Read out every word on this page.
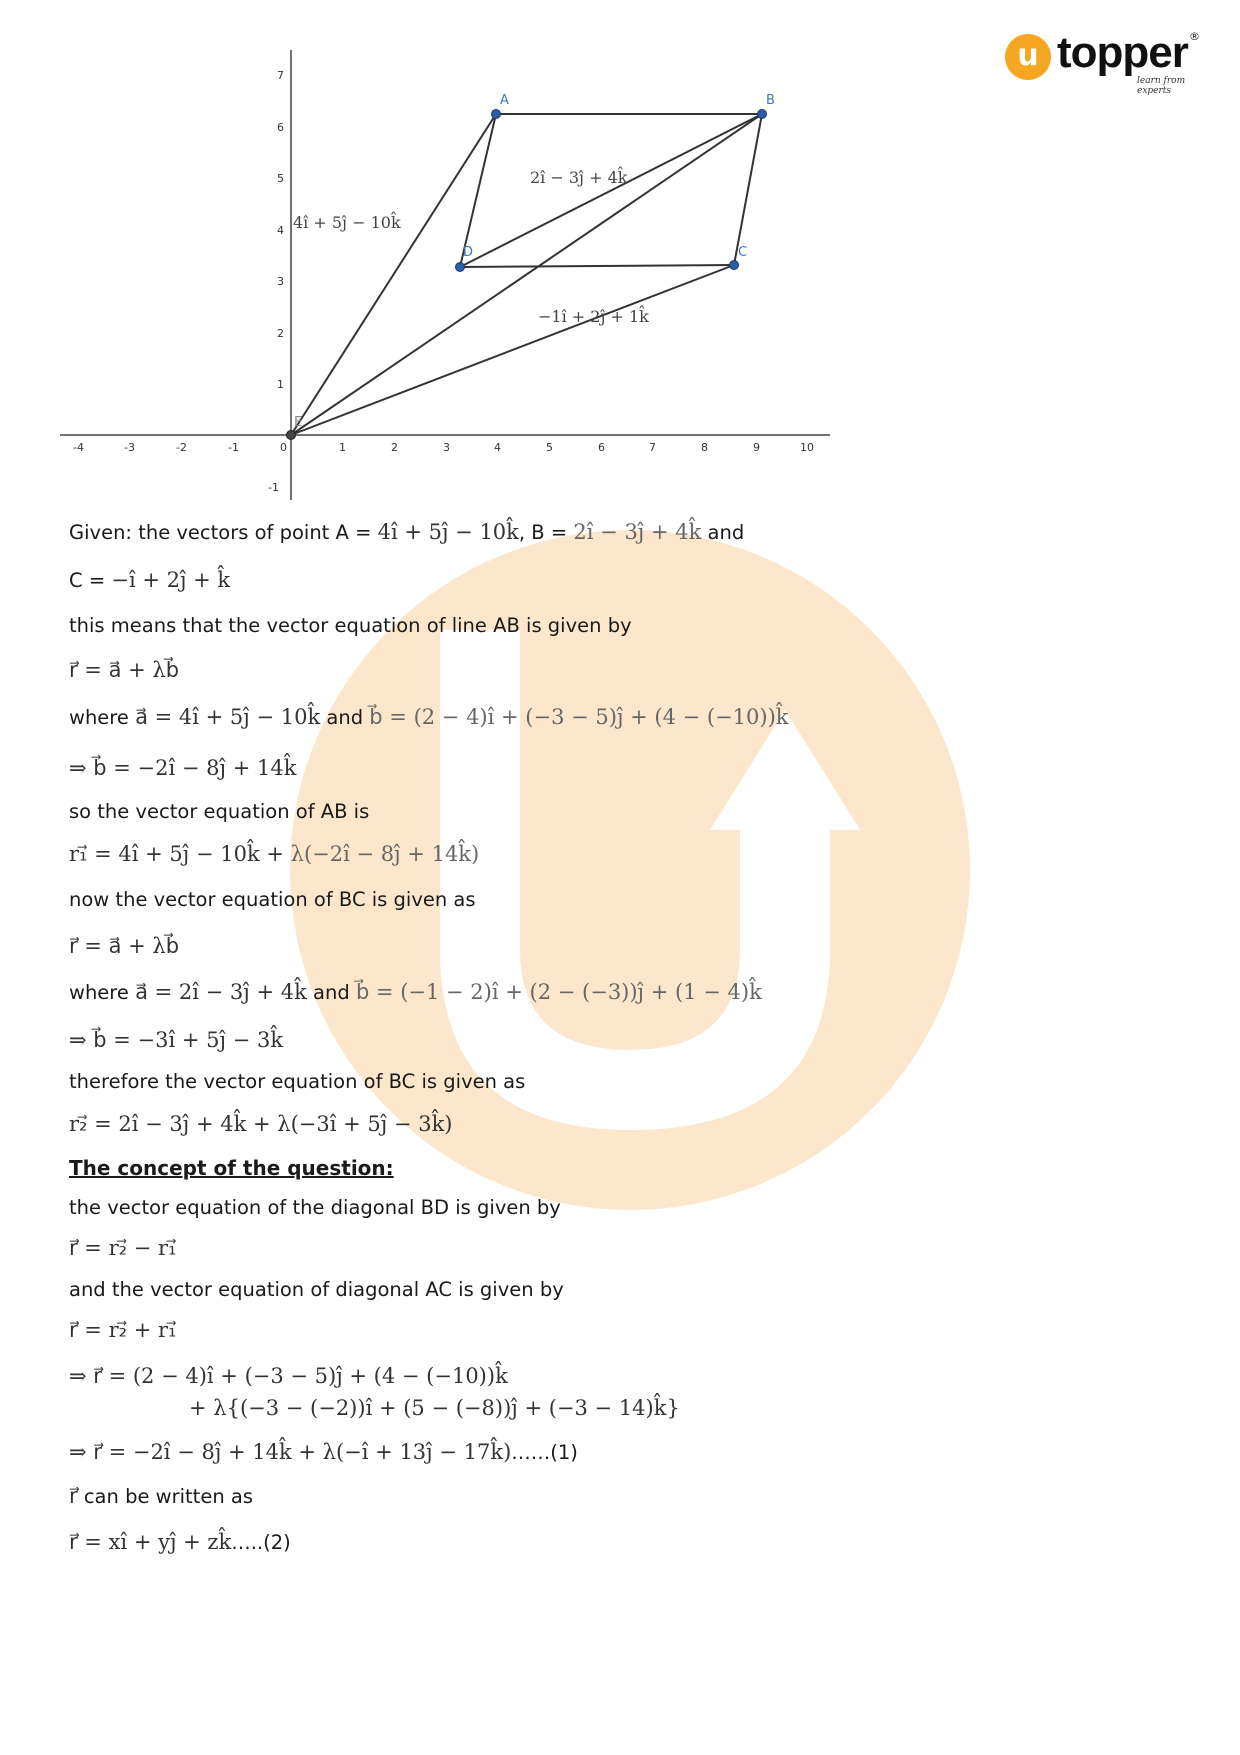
u topper ®
learn from experts
-4	-3	-2	-1	0	1	2	3	4	5	6	7	8	9	10
-1
1
2
3
4
5
6
7
A	B
C
D
E
4î + 5ĵ − 10k̂
2î − 3ĵ + 4k̂
−1î + 2ĵ + 1k̂
Given: the vectors of point A = 4î + 5ĵ − 10k̂, B = 2î − 3ĵ + 4k̂ and
C = −î + 2ĵ + k̂
this means that the vector equation of line AB is given by
r⃗ = a⃗ + λb⃗
where a⃗ = 4î + 5ĵ − 10k̂ and b⃗ = (2 − 4)î + (−3 − 5)ĵ + (4 − (−10))k̂
⇒ b⃗ = −2î − 8ĵ + 14k̂
so the vector equation of AB is
r₁⃗ = 4î + 5ĵ − 10k̂ + λ(−2î − 8ĵ + 14k̂)
now the vector equation of BC is given as
r⃗ = a⃗ + λb⃗
where a⃗ = 2î − 3ĵ + 4k̂ and b⃗ = (−1 − 2)î + (2 − (−3))ĵ + (1 − 4)k̂
⇒ b⃗ = −3î + 5ĵ − 3k̂
therefore the vector equation of BC is given as
r₂⃗ = 2î − 3ĵ + 4k̂ + λ(−3î + 5ĵ − 3k̂)
The concept of the question:
the vector equation of the diagonal BD is given by
r⃗ = r₂⃗ − r₁⃗
and the vector equation of diagonal AC is given by
r⃗ = r₂⃗ + r₁⃗
⇒ r⃗ = (2 − 4)î + (−3 − 5)ĵ + (4 − (−10))k̂
+ λ{(−3 − (−2))î + (5 − (−8))ĵ + (−3 − 14)k̂}
⇒ r⃗ = −2î − 8ĵ + 14k̂ + λ(−î + 13ĵ − 17k̂)……(1)
r⃗ can be written as
r⃗ = xî + yĵ + zk̂…..(2)
